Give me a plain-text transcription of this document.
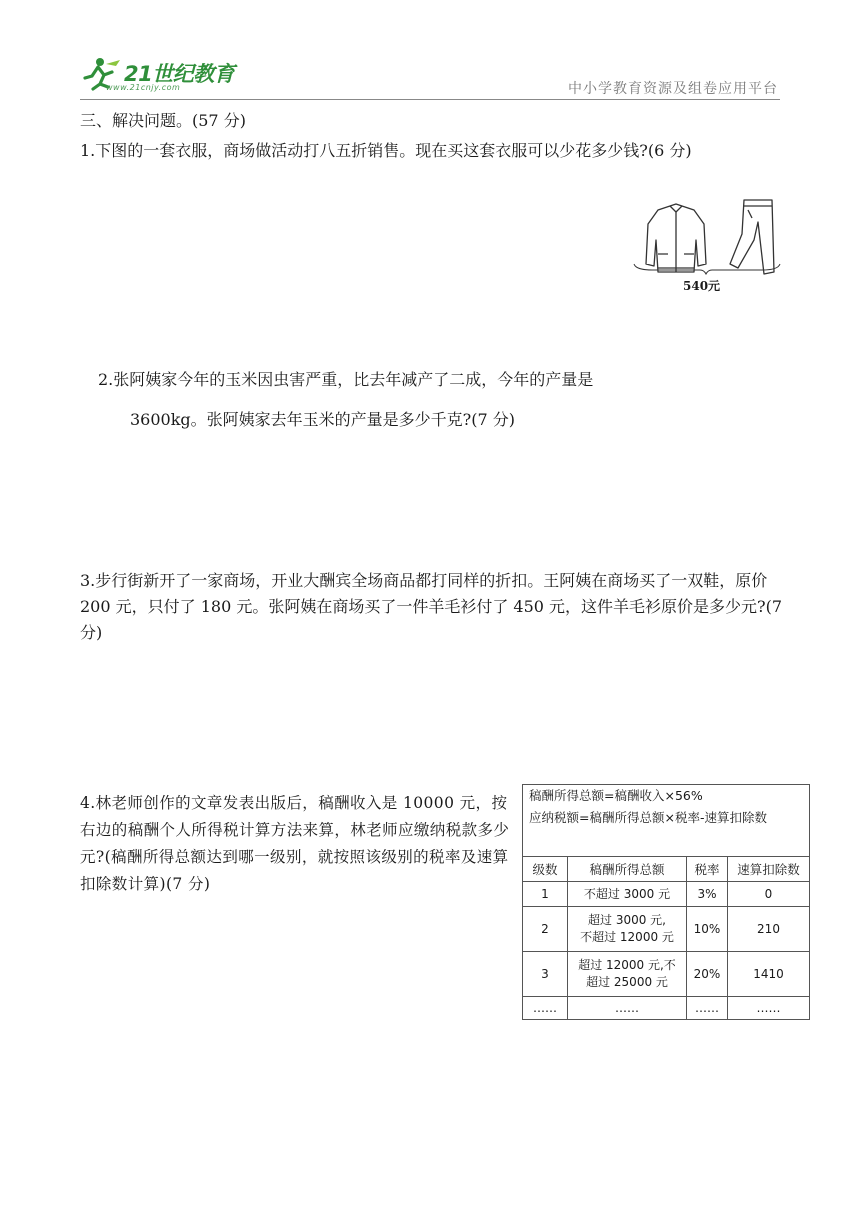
21世纪教育
www.21cnjy.com	中小学教育资源及组卷应用平台
三、解决问题。(57 分)
1.下图的一套衣服，商场做活动打八五折销售。现在买这套衣服可以少花多少钱?(6 分)
540元
2.张阿姨家今年的玉米因虫害严重，比去年减产了二成，今年的产量是
3600kg。张阿姨家去年玉米的产量是多少千克?(7 分)
3.步行街新开了一家商场，开业大酬宾全场商品都打同样的折扣。王阿姨在商场买了一双鞋，原价 200 元，只付了 180 元。张阿姨在商场买了一件羊毛衫付了 450 元，这件羊毛衫原价是多少元?(7 分)
4.林老师创作的文章发表出版后，稿酬收入是 10000 元，按右边的稿酬个人所得税计算方法来算，林老师应缴纳税款多少元?(稿酬所得总额达到哪一级别，就按照该级别的税率及速算扣除数计算)(7 分)
稿酬所得总额=稿酬收入×56%
应纳税额=稿酬所得总额×税率-速算扣除数
级数	稿酬所得总额	税率	速算扣除数
1	不超过 3000 元	3%	0
2	超过 3000 元,
不超过 12000 元	10%	210
3	超过 12000 元,不
超过 25000 元	20%	1410
……	……	……	……
